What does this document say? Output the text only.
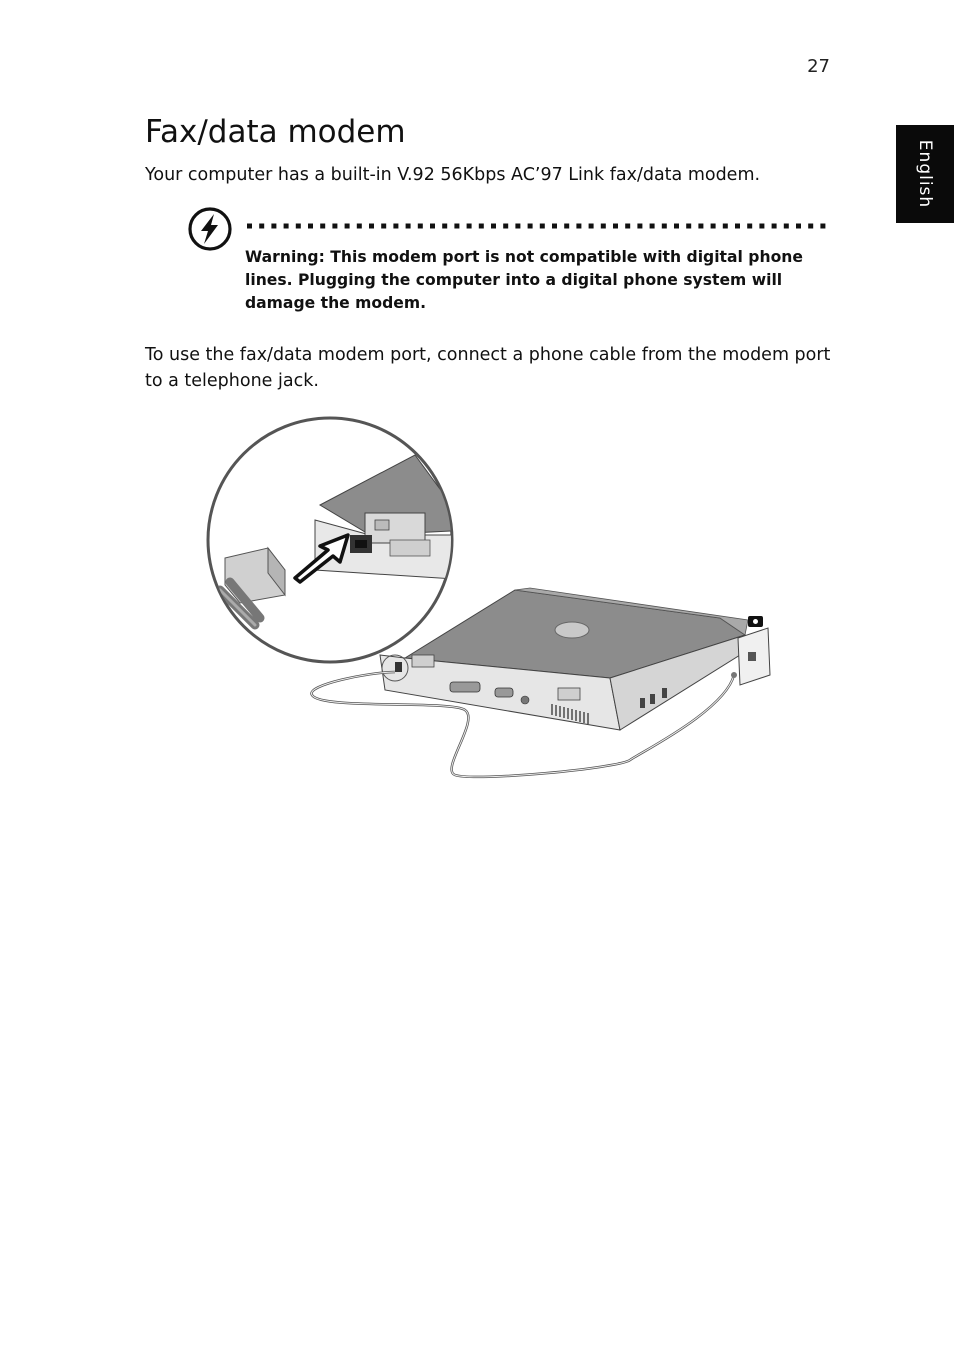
27
English
Fax/data modem

Your computer has a built-in V.92 56Kbps AC’97 Link fax/data modem.

Warning: This modem port is not compatible with digital phone lines. Plugging the computer into a digital phone system will damage the modem.

To use the fax/data modem port, connect a phone cable from the modem port to a telephone jack.
